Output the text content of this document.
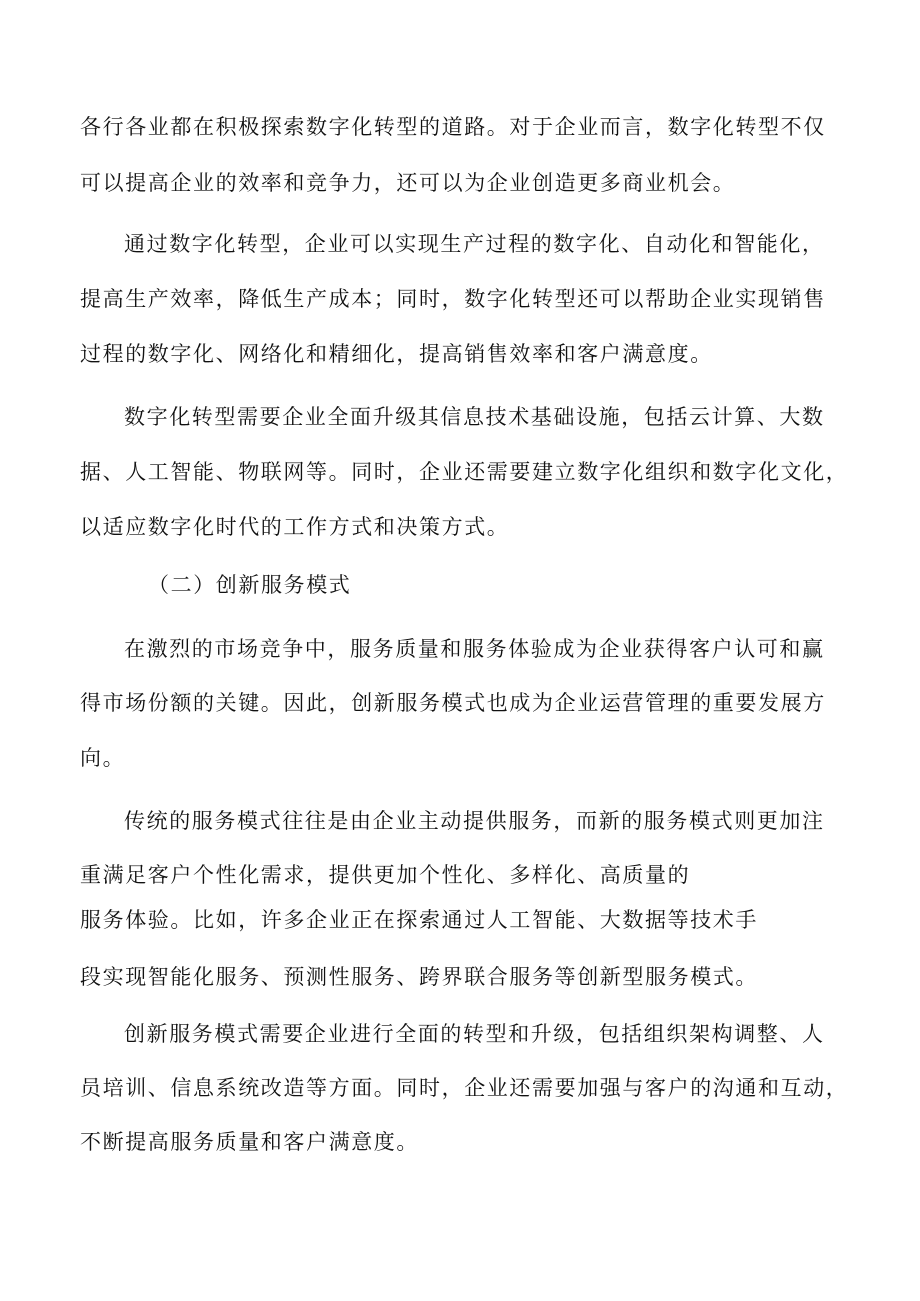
各行各业都在积极探索数字化转型的道路。对于企业而言，数字化转型不仅
可以提高企业的效率和竞争力，还可以为企业创造更多商业机会。
通过数字化转型，企业可以实现生产过程的数字化、自动化和智能化，
提高生产效率，降低生产成本；同时，数字化转型还可以帮助企业实现销售
过程的数字化、网络化和精细化，提高销售效率和客户满意度。
数字化转型需要企业全面升级其信息技术基础设施，包括云计算、大数
据、人工智能、物联网等。同时，企业还需要建立数字化组织和数字化文化，
以适应数字化时代的工作方式和决策方式。
（二）创新服务模式
在激烈的市场竞争中，服务质量和服务体验成为企业获得客户认可和赢
得市场份额的关键。因此，创新服务模式也成为企业运营管理的重要发展方
向。
传统的服务模式往往是由企业主动提供服务，而新的服务模式则更加注
重满足客户个性化需求，提供更加个性化、多样化、高质量的
服务体验。比如，许多企业正在探索通过人工智能、大数据等技术手
段实现智能化服务、预测性服务、跨界联合服务等创新型服务模式。
创新服务模式需要企业进行全面的转型和升级，包括组织架构调整、人
员培训、信息系统改造等方面。同时，企业还需要加强与客户的沟通和互动，
不断提高服务质量和客户满意度。
